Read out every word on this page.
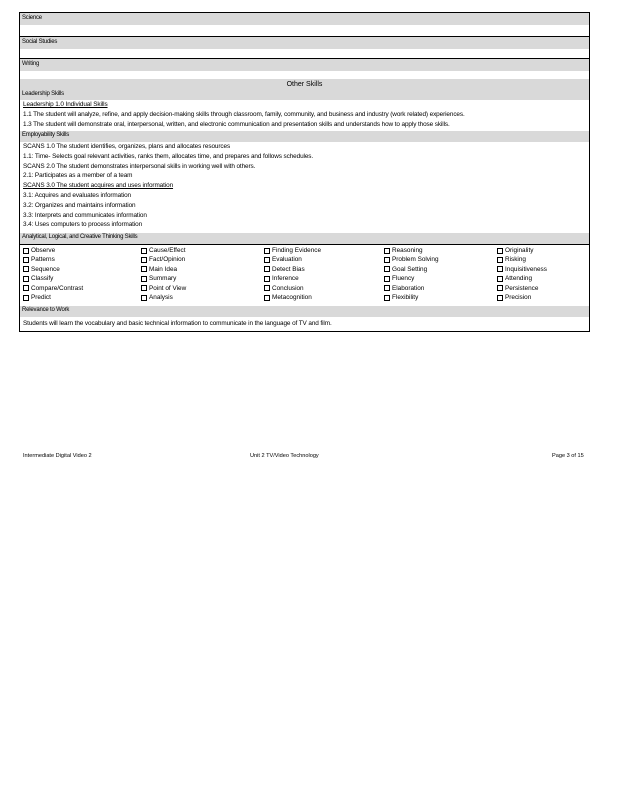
Science
Social Studies
Writing
Other Skills
Leadership Skills
Leadership 1.0 Individual Skills
1.1 The student will analyze, refine, and apply decision-making skills through classroom, family, community, and business and industry (work related) experiences.
1.3 The student will demonstrate oral, interpersonal, written, and electronic communication and presentation skills and understands how to apply those skills.
Employability Skills
SCANS 1.0 The student identifies, organizes, plans and allocates resources
1.1: Time- Selects goal relevant activities, ranks them, allocates time, and prepares and follows schedules.
SCANS 2.0 The student demonstrates interpersonal skills in working well with others.
2.1: Participates as a member of a team
SCANS 3.0 The student acquires and uses information
3.1: Acquires and evaluates information
3.2: Organizes and maintains information
3.3: Interprets and communicates information
3.4: Uses computers to process information
Analytical, Logical, and Creative Thinking Skills
Observe
Patterns
Sequence
Classify
Compare/Contrast
Predict
Cause/Effect
Fact/Opinion
Main Idea
Summary
Point of View
Analysis
Finding Evidence
Evaluation
Detect Bias
Inference
Conclusion
Metacognition
Reasoning
Problem Solving
Goal Setting
Fluency
Elaboration
Flexibility
Originality
Risking
Inquisitiveness
Attending
Persistence
Precision
Relevance to Work
Students will learn the vocabulary and basic technical information to communicate in the language of TV and film.
Intermediate Digital Video 2	Unit 2 TV/Video Technology	Page 3 of 15
